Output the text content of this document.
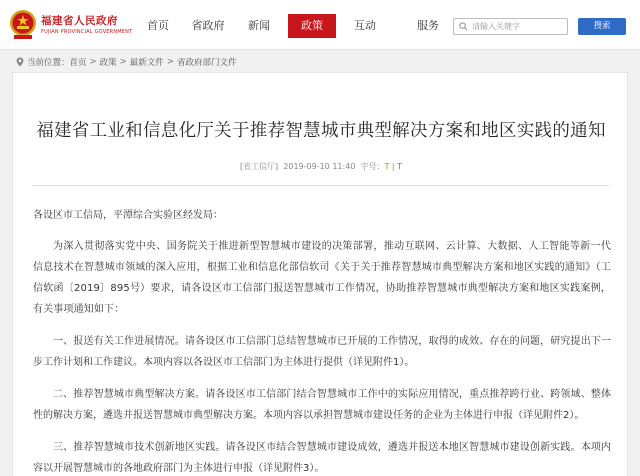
福建省人民政府
FUJIAN PROVINCIAL GOVERNMENT	首页	省政府	新闻	政策	互动	服务
请输入关键字	搜索
当前位置： 首页 > 政策 > 最新文件 > 省政府部门文件
福建省工业和信息化厅关于推荐智慧城市典型解决方案和地区实践的通知
[省工信厅] 2019-09-10 11:40 字号：T | T
各设区市工信局，平潭综合实验区经发局：
为深入贯彻落实党中央、国务院关于推进新型智慧城市建设的决策部署，推动互联网、云计算、大数据、人工智能等新一代信息技术在智慧城市领域的深入应用，根据工业和信息化部信软司《关于关于推荐智慧城市典型解决方案和地区实践的通知》（工信软函〔2019〕895号）要求，请各设区市工信部门报送智慧城市工作情况，协助推荐智慧城市典型解决方案和地区实践案例，有关事项通知如下：
一、报送有关工作进展情况。请各设区市工信部门总结智慧城市已开展的工作情况，取得的成效、存在的问题，研究提出下一步工作计划和工作建议。本项内容以各设区市工信部门为主体进行提供（详见附件1）。
二、推荐智慧城市典型解决方案。请各设区市工信部门结合智慧城市工作中的实际应用情况，重点推荐跨行业、跨领域、整体性的解决方案，遴选并报送智慧城市典型解决方案。本项内容以承担智慧城市建设任务的企业为主体进行申报（详见附件2）。
三、推荐智慧城市技术创新地区实践。请各设区市结合智慧城市建设成效，遴选并报送本地区智慧城市建设创新实践。本项内容以开展智慧城市的各地政府部门为主体进行申报（详见附件3）。
